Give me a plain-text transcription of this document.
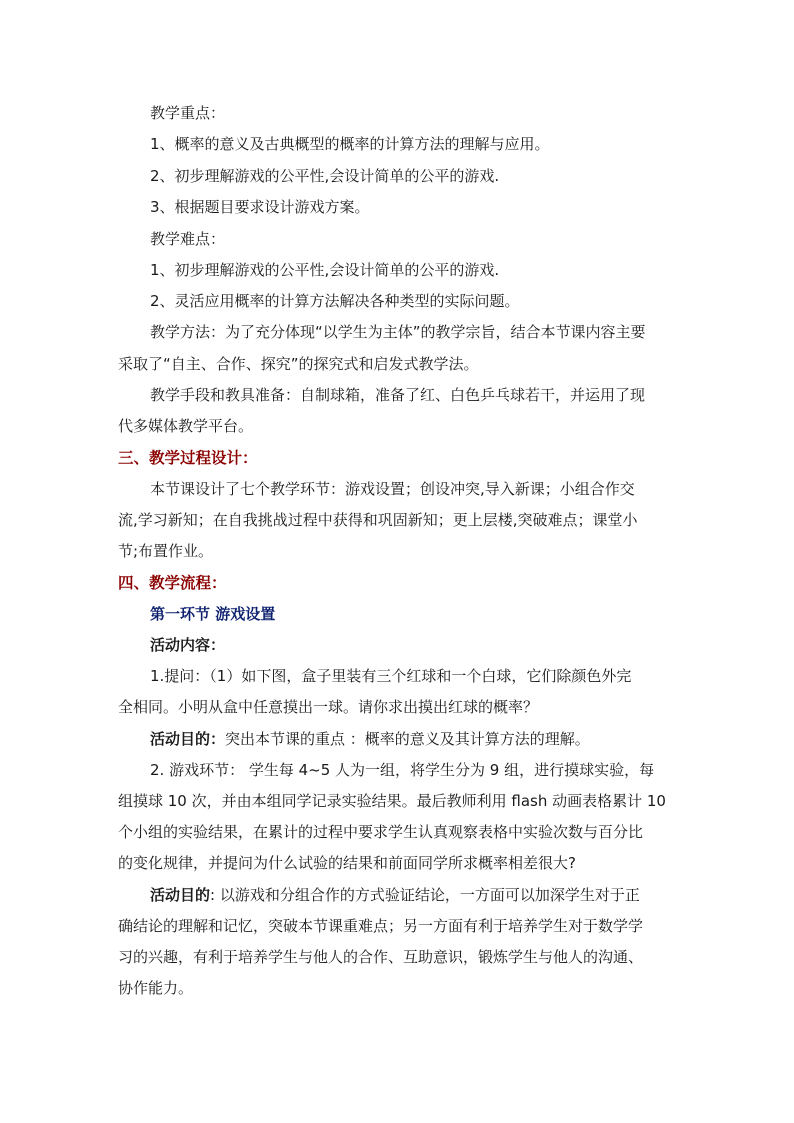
教学重点：
1、概率的意义及古典概型的概率的计算方法的理解与应用。
2、初步理解游戏的公平性,会设计简单的公平的游戏.
3、根据题目要求设计游戏方案。
教学难点：
1、初步理解游戏的公平性,会设计简单的公平的游戏.
2、灵活应用概率的计算方法解决各种类型的实际问题。
教学方法：为了充分体现“以学生为主体”的教学宗旨，结合本节课内容主要
采取了“自主、合作、探究”的探究式和启发式教学法。
教学手段和教具准备：自制球箱，准备了红、白色乒乓球若干，并运用了现
代多媒体教学平台。
三、教学过程设计：
本节课设计了七个教学环节：游戏设置；创设冲突,导入新课；小组合作交
流,学习新知；在自我挑战过程中获得和巩固新知；更上层楼,突破难点；课堂小
节;布置作业。
四、教学流程：
第一环节 游戏设置
活动内容：
1.提问：（1）如下图，盒子里装有三个红球和一个白球，它们除颜色外完
全相同。小明从盒中任意摸出一球。请你求出摸出红球的概率？
活动目的：突出本节课的重点 ：概率的意义及其计算方法的理解。
2. 游戏环节： 学生每 4~5 人为一组，将学生分为 9 组，进行摸球实验，每
组摸球 10 次，并由本组同学记录实验结果。最后教师利用 flash 动画表格累计 10
个小组的实验结果，在累计的过程中要求学生认真观察表格中实验次数与百分比
的变化规律，并提问为什么试验的结果和前面同学所求概率相差很大?
活动目的: 以游戏和分组合作的方式验证结论，一方面可以加深学生对于正
确结论的理解和记忆，突破本节课重难点；另一方面有利于培养学生对于数学学
习的兴趣，有利于培养学生与他人的合作、互助意识，锻炼学生与他人的沟通、
协作能力。
